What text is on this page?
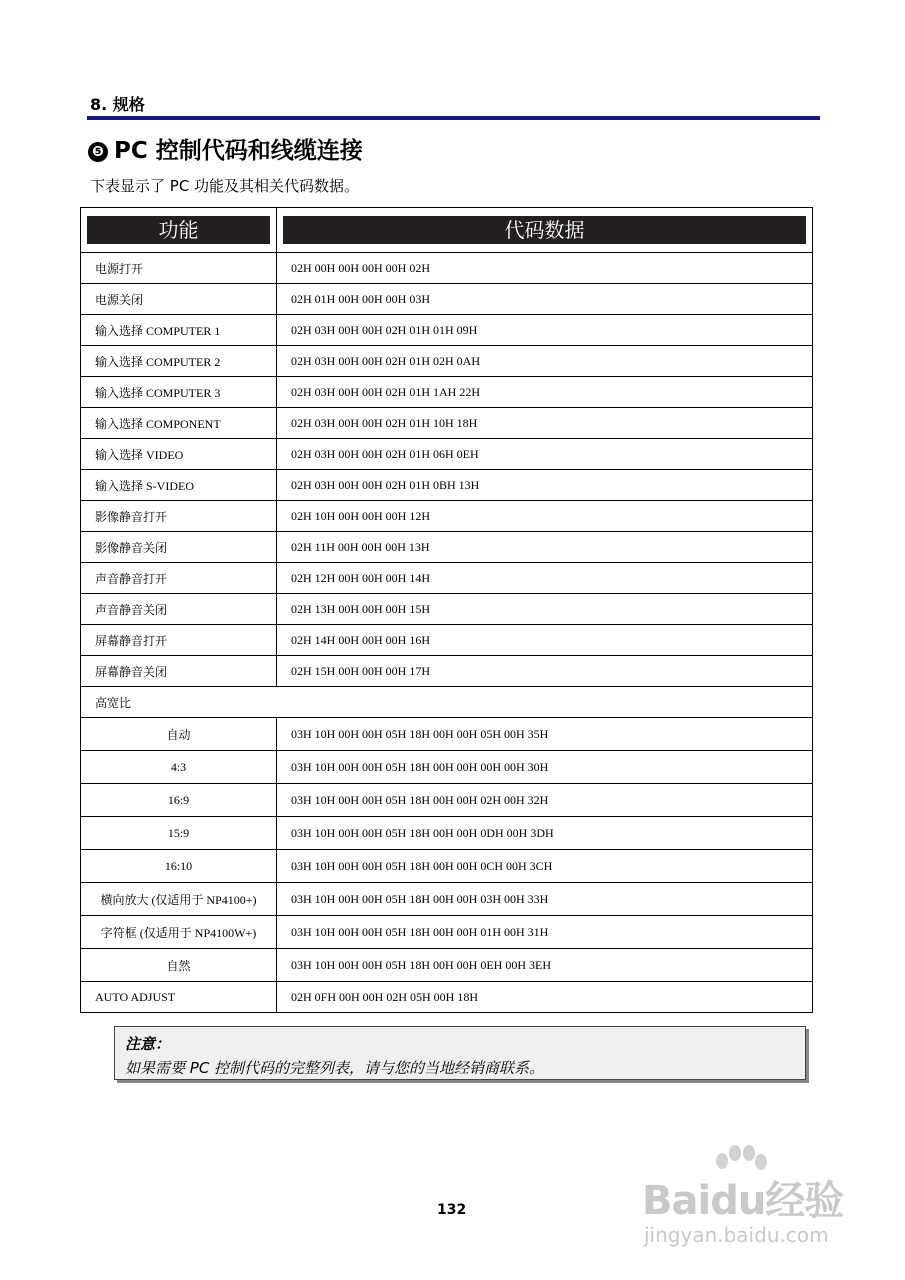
8. 规格
❺ PC 控制代码和线缆连接
下表显示了 PC 功能及其相关代码数据。
功能	代码数据

电源打开	02H 00H 00H 00H 00H 02H
电源关闭	02H 01H 00H 00H 00H 03H
输入选择 COMPUTER 1	02H 03H 00H 00H 02H 01H 01H 09H
输入选择 COMPUTER 2	02H 03H 00H 00H 02H 01H 02H 0AH
输入选择 COMPUTER 3	02H 03H 00H 00H 02H 01H 1AH 22H
输入选择 COMPONENT	02H 03H 00H 00H 02H 01H 10H 18H
输入选择 VIDEO	02H 03H 00H 00H 02H 01H 06H 0EH
输入选择 S-VIDEO	02H 03H 00H 00H 02H 01H 0BH 13H
影像静音打开	02H 10H 00H 00H 00H 12H
影像静音关闭	02H 11H 00H 00H 00H 13H
声音静音打开	02H 12H 00H 00H 00H 14H
声音静音关闭	02H 13H 00H 00H 00H 15H
屏幕静音打开	02H 14H 00H 00H 00H 16H
屏幕静音关闭	02H 15H 00H 00H 00H 17H
高宽比	
自动	03H 10H 00H 00H 05H 18H 00H 00H 05H 00H 35H
4:3	03H 10H 00H 00H 05H 18H 00H 00H 00H 00H 30H
16:9	03H 10H 00H 00H 05H 18H 00H 00H 02H 00H 32H
15:9	03H 10H 00H 00H 05H 18H 00H 00H 0DH 00H 3DH
16:10	03H 10H 00H 00H 05H 18H 00H 00H 0CH 00H 3CH
横向放大 (仅适用于 NP4100+)	03H 10H 00H 00H 05H 18H 00H 00H 03H 00H 33H
字符框 (仅适用于 NP4100W+)	03H 10H 00H 00H 05H 18H 00H 00H 01H 00H 31H
自然	03H 10H 00H 00H 05H 18H 00H 00H 0EH 00H 3EH
AUTO ADJUST	02H 0FH 00H 00H 02H 05H 00H 18H
注意：
如果需要 PC 控制代码的完整列表，请与您的当地经销商联系。
132	Baidu经验
jingyan.baidu.com
